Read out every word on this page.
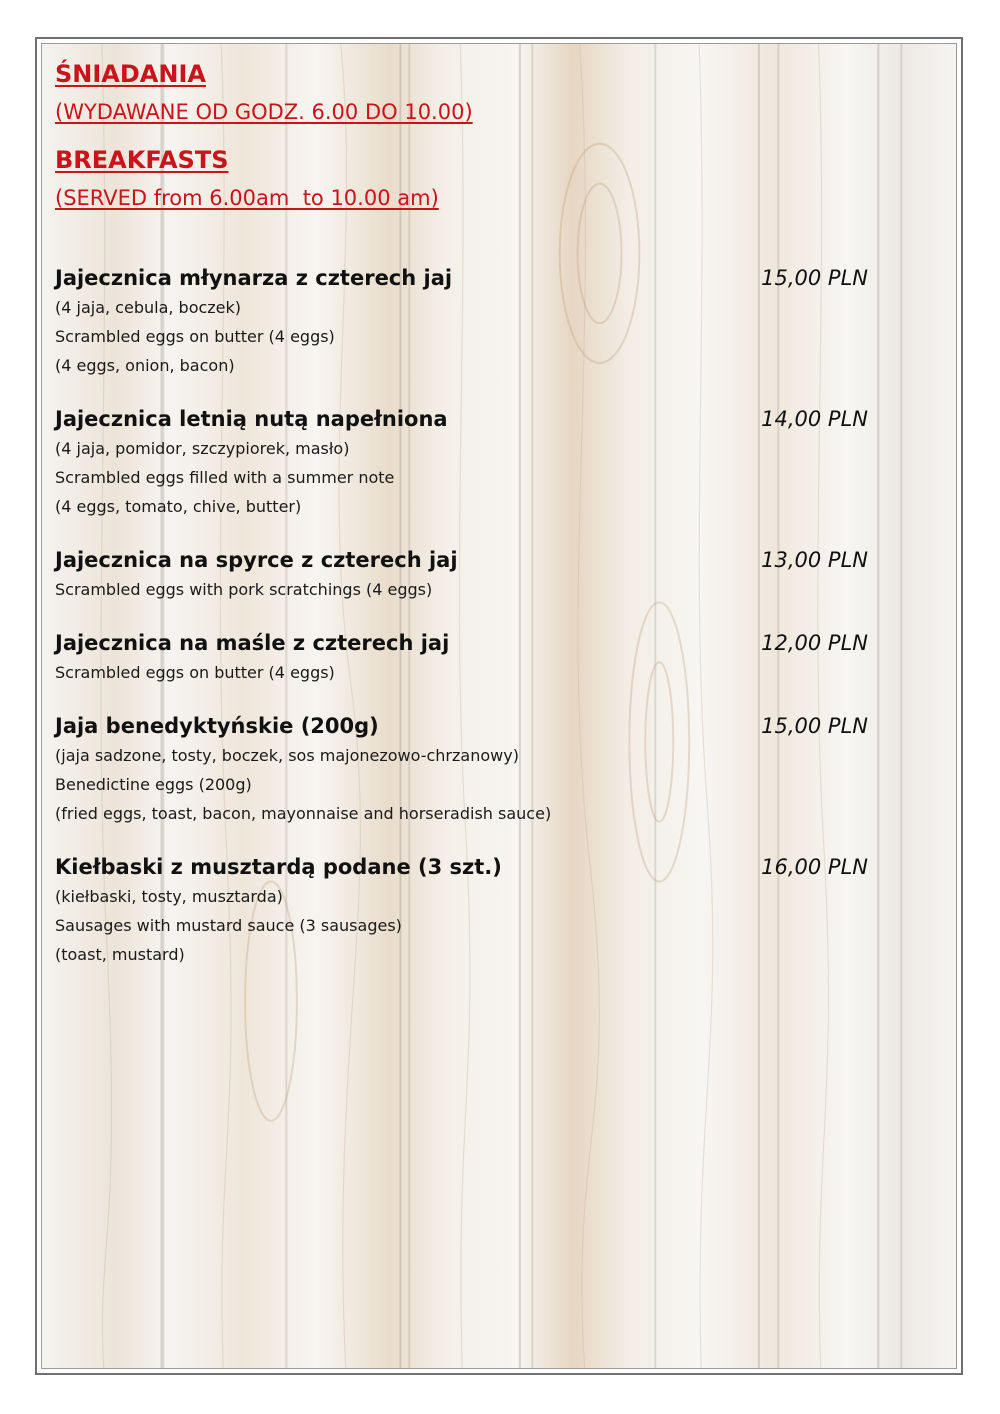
ŚNIADANIA
(WYDAWANE OD GODZ. 6.00 DO 10.00)
BREAKFASTS
(SERVED from 6.00am  to 10.00 am)
Jajecznica młynarza z czterech jaj	15,00 PLN
(4 jaja, cebula, boczek)
Scrambled eggs on butter (4 eggs)
(4 eggs, onion, bacon)
Jajecznica letnią nutą napełniona	14,00 PLN
(4 jaja, pomidor, szczypiorek, masło)
Scrambled eggs filled with a summer note
(4 eggs, tomato, chive, butter)
Jajecznica na spyrce z czterech jaj	13,00 PLN
Scrambled eggs with pork scratchings (4 eggs)
Jajecznica na maśle z czterech jaj	12,00 PLN
Scrambled eggs on butter (4 eggs)
Jaja benedyktyńskie (200g)	15,00 PLN
(jaja sadzone, tosty, boczek, sos majonezowo-chrzanowy)
Benedictine eggs (200g)
(fried eggs, toast, bacon, mayonnaise and horseradish sauce)
Kiełbaski z musztardą podane (3 szt.)	16,00 PLN
(kiełbaski, tosty, musztarda)
Sausages with mustard sauce (3 sausages)
(toast, mustard)
